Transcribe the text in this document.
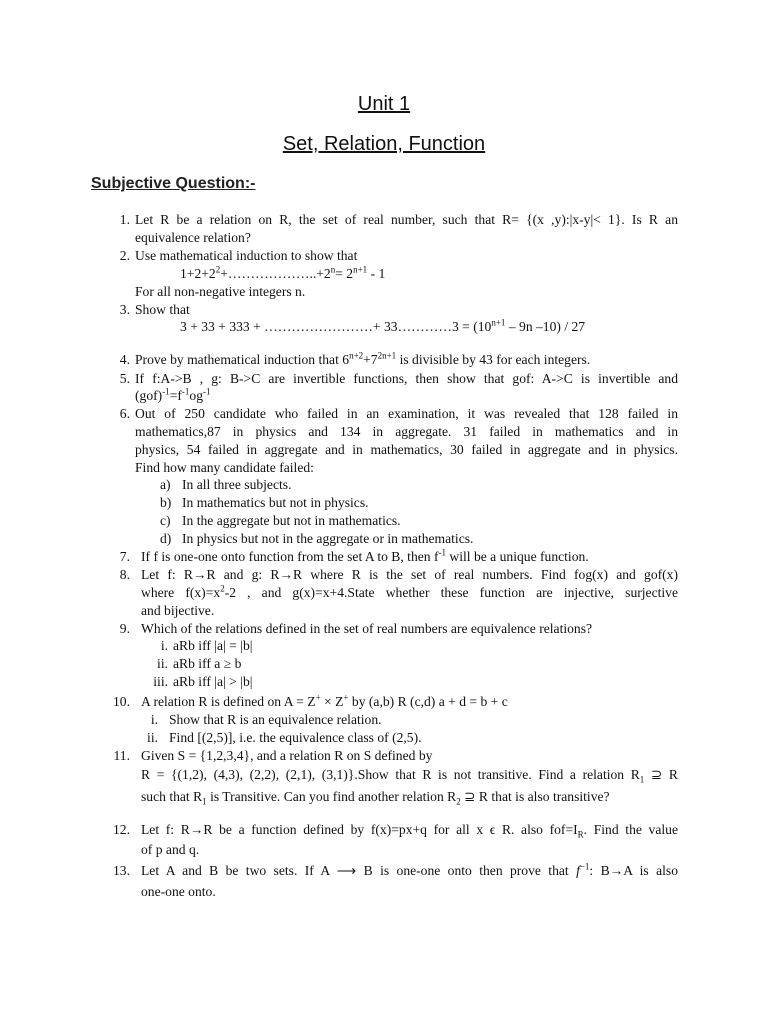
Unit 1
Set, Relation, Function
Subjective Question:-
1. Let R be a relation on R, the set of real number, such that R= {(x ,y):|x-y|< 1}. Is R an
equivalence relation?
2. Use mathematical induction to show that
$1+2+2^2+\dots\dots\dots\dots\dots\dots..+2^n= 2^{n+1} - 1$
For all non-negative integers n.
3. Show that
3 + 33 + 333 + ……………………+ 33…………3 = ($10^{n+1} - 9n$ –10) / 27
4. Prove by mathematical induction that $6^{n+2}+7^{2n+1}$ is divisible by 43 for each integers.
5. If f:A->B , g: B->C are invertible functions, then show that gof: A->C is invertible and
$(gof)^{-1}=f^{-1}og^{-1}$
6. Out of 250 candidate who failed in an examination, it was revealed that 128 failed in
mathematics,87 in physics and 134 in aggregate. 31 failed in mathematics and in
physics, 54 failed in aggregate and in mathematics, 30 failed in aggregate and in physics.
Find how many candidate failed:
a) In all three subjects.
b) In mathematics but not in physics.
c) In the aggregate but not in mathematics.
d) In physics but not in the aggregate or in mathematics.
7. If f is one-one onto function from the set A to B, then $f^{-1}$ will be a unique function.
8. Let f: R→R and g: R→R where R is the set of real numbers. Find fog(x) and gof(x)
where $f(x)=x^2-2$ , and g(x)=x+4.State whether these function are injective, surjective
and bijective.
9. Which of the relations defined in the set of real numbers are equivalence relations?
i. aRb iff |a| = |b|
ii. aRb iff a ≥ b
iii. aRb iff |a| > |b|
10. A relation R is defined on A = Z+ × Z+ by (a,b) R (c,d) a + d = b + c
i. Show that R is an equivalence relation.
ii. Find [(2,5)], i.e. the equivalence class of (2,5).
11. Given S = {1,2,3,4}, and a relation R on S defined by
R = {(1,2), (4,3), (2,2), (2,1), (3,1)}.Show that R is not transitive. Find a relation $R_1$ ⊇ R
such that $R_1$ is Transitive. Can you find another relation $R_2$ ⊇ R that is also transitive?
12. Let f: R→R be a function defined by f(x)=px+q for all x ϵ R. also $fof=I_R$. Find the value
of p and q.
13. Let A and B be two sets. If A ⟶ B is one-one onto then prove that $f^{-1}$: B→A is also
one-one onto.
